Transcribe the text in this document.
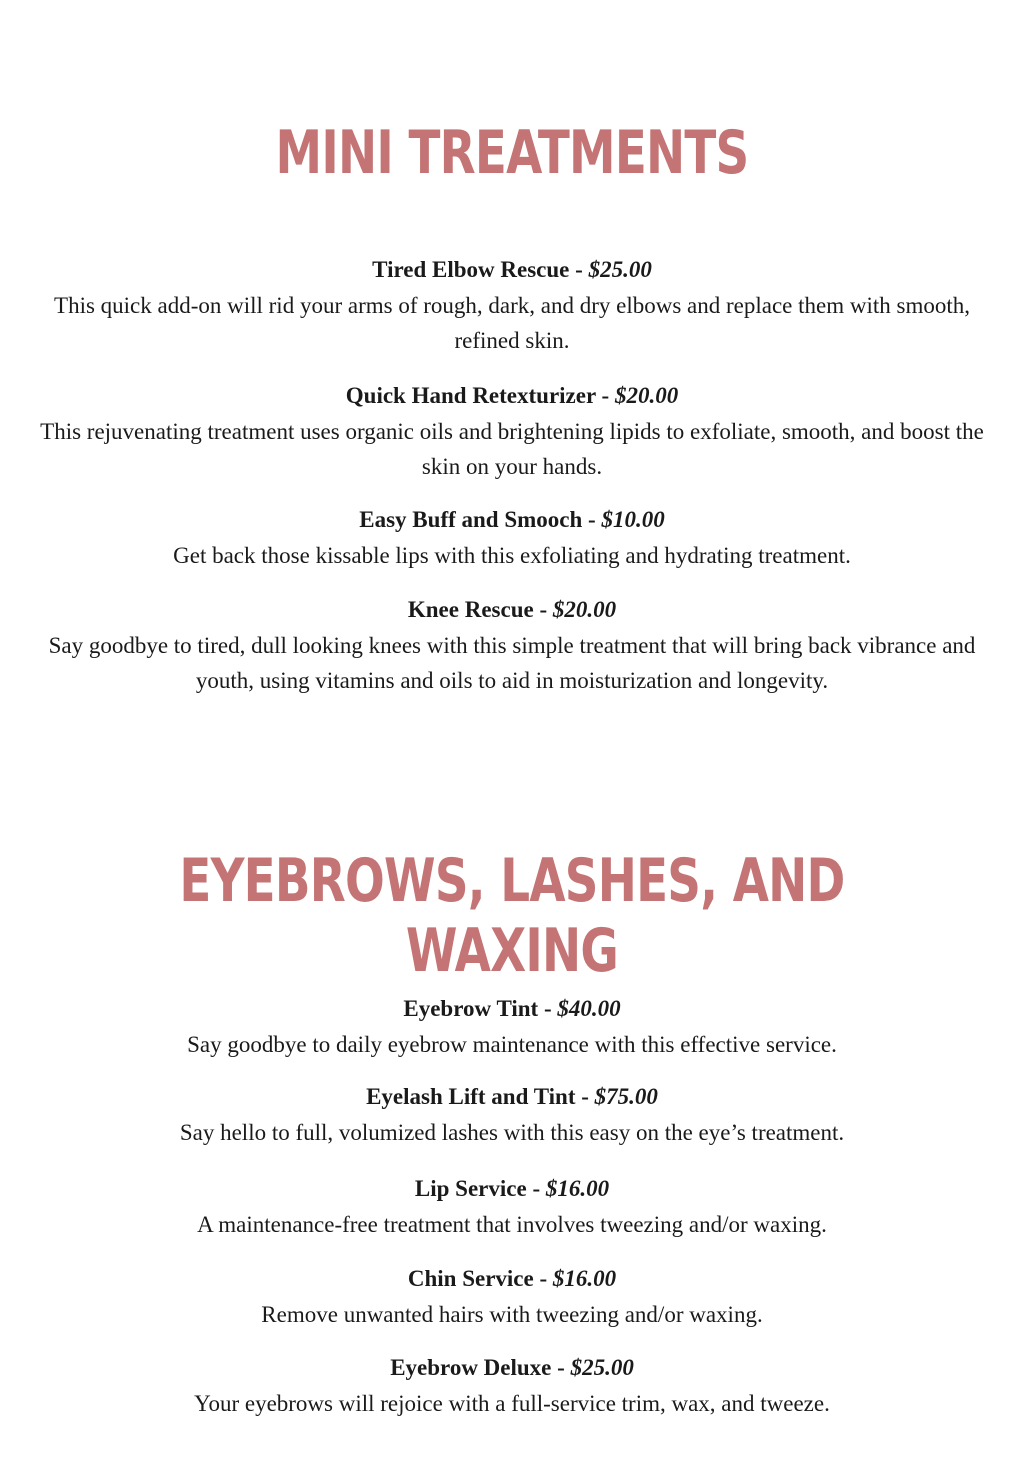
MINI TREATMENTS

Tired Elbow Rescue - $25.00

This quick add-on will rid your arms of rough, dark, and dry elbows and replace them with smooth, refined skin.

Quick Hand Retexturizer - $20.00

This rejuvenating treatment uses organic oils and brightening lipids to exfoliate, smooth, and boost the skin on your hands.

Easy Buff and Smooch - $10.00

Get back those kissable lips with this exfoliating and hydrating treatment.

Knee Rescue - $20.00

Say goodbye to tired, dull looking knees with this simple treatment that will bring back vibrance and youth, using vitamins and oils to aid in moisturization and longevity.

EYEBROWS, LASHES, AND WAXING

Eyebrow Tint - $40.00

Say goodbye to daily eyebrow maintenance with this effective service.

Eyelash Lift and Tint - $75.00

Say hello to full, volumized lashes with this easy on the eye’s treatment.

Lip Service - $16.00

A maintenance-free treatment that involves tweezing and/or waxing.

Chin Service - $16.00

Remove unwanted hairs with tweezing and/or waxing.

Eyebrow Deluxe - $25.00

Your eyebrows will rejoice with a full-service trim, wax, and tweeze.
